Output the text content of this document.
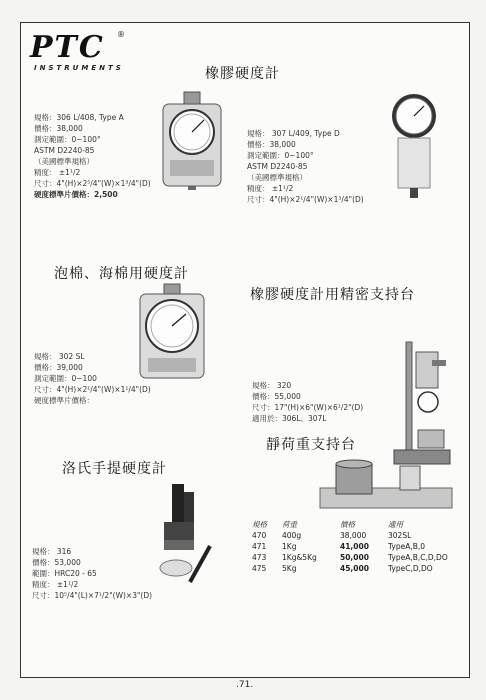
PTC ®
INSTRUMENTS	橡膠硬度計
規格：306 L/408, Type A
價格：38,000
測定範圍：0~100°
ASTM D2240-85
（美國標準規格）
精度： ±1¹/2
尺寸：4"(H)×2⁵/4"(W)×1³/4"(D)
硬度標準片價格：2,500
規格： 307 L/409, Type D
價格：38,000
測定範圍：0~100°
ASTM D2240-85
（美國標準規格）
精度： ±1¹/2
尺寸：4"(H)×2¹/4"(W)×1³/4"(D)
泡棉、海棉用硬度計
規格： 302 SL
價格：39,000
測定範圍：0~100
尺寸：4"(H)×2¹/4"(W)×1¹/4"(D)
硬度標準片價格：
橡膠硬度計用精密支持台
規格： 320
價格：55,000
尺寸：17"(H)×6"(W)×6¹/2"(D)
適用於：306L、307L
靜荷重支持台
規格	荷重	價格	適用
470	400g	38,000	302SL
471	1Kg	41,000	TypeA,B,0
473	1Kg&5Kg	50,000	TypeA,B,C,D,DO
475	5Kg	45,000	TypeC,D,DO
洛氏手提硬度計
規格： 316
價格：53,000
範圍：HRC20 - 65
精度： ±1¹/2
尺寸：10⁵/4"(L)×7¹/2"(W)×3"(D)
.71.
